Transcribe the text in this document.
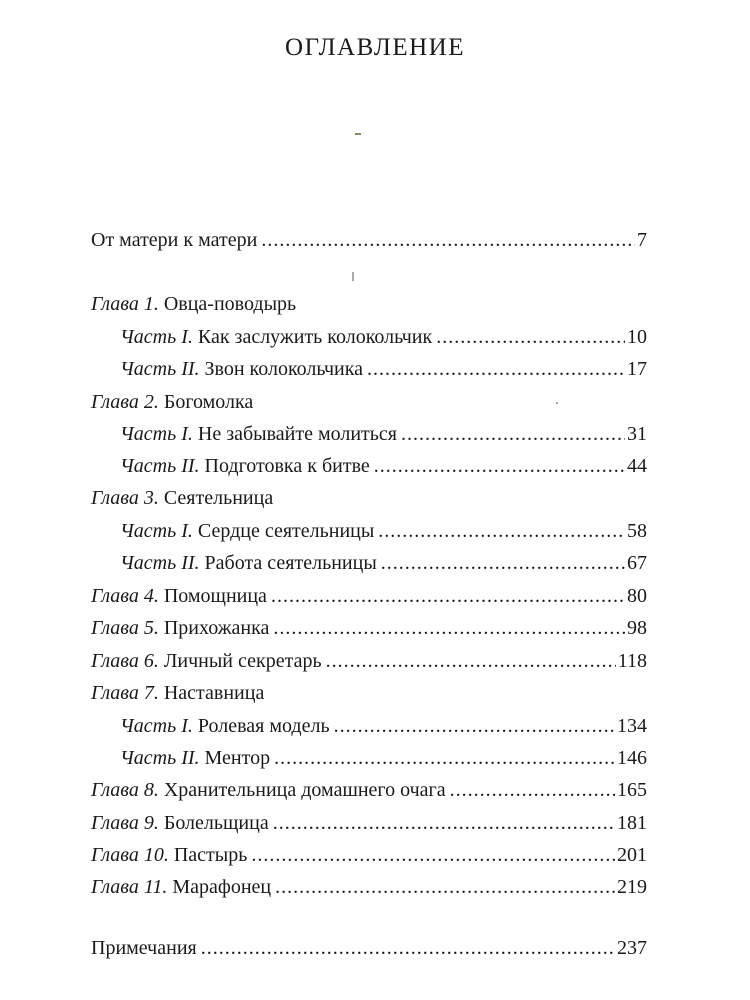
ОГЛАВЛЕНИЕ
От матери к матери .....	7
Глава 1. Овца-поводырь
Часть I. Как заслужить колокольчик .....	10
Часть II. Звон колокольчика .....	17
Глава 2. Богомолка
Часть I. Не забывайте молиться .....	31
Часть II. Подготовка к битве .....	44
Глава 3. Сеятельница
Часть I. Сердце сеятельницы .....	58
Часть II. Работа сеятельницы .....	67
Глава 4. Помощница .....	80
Глава 5. Прихожанка .....	98
Глава 6. Личный секретарь .....	118
Глава 7. Наставница
Часть I. Ролевая модель .....	134
Часть II. Ментор .....	146
Глава 8. Хранительница домашнего очага .....	165
Глава 9. Болельщица .....	181
Глава 10. Пастырь .....	201
Глава 11. Марафонец .....	219
Примечания .....	237
